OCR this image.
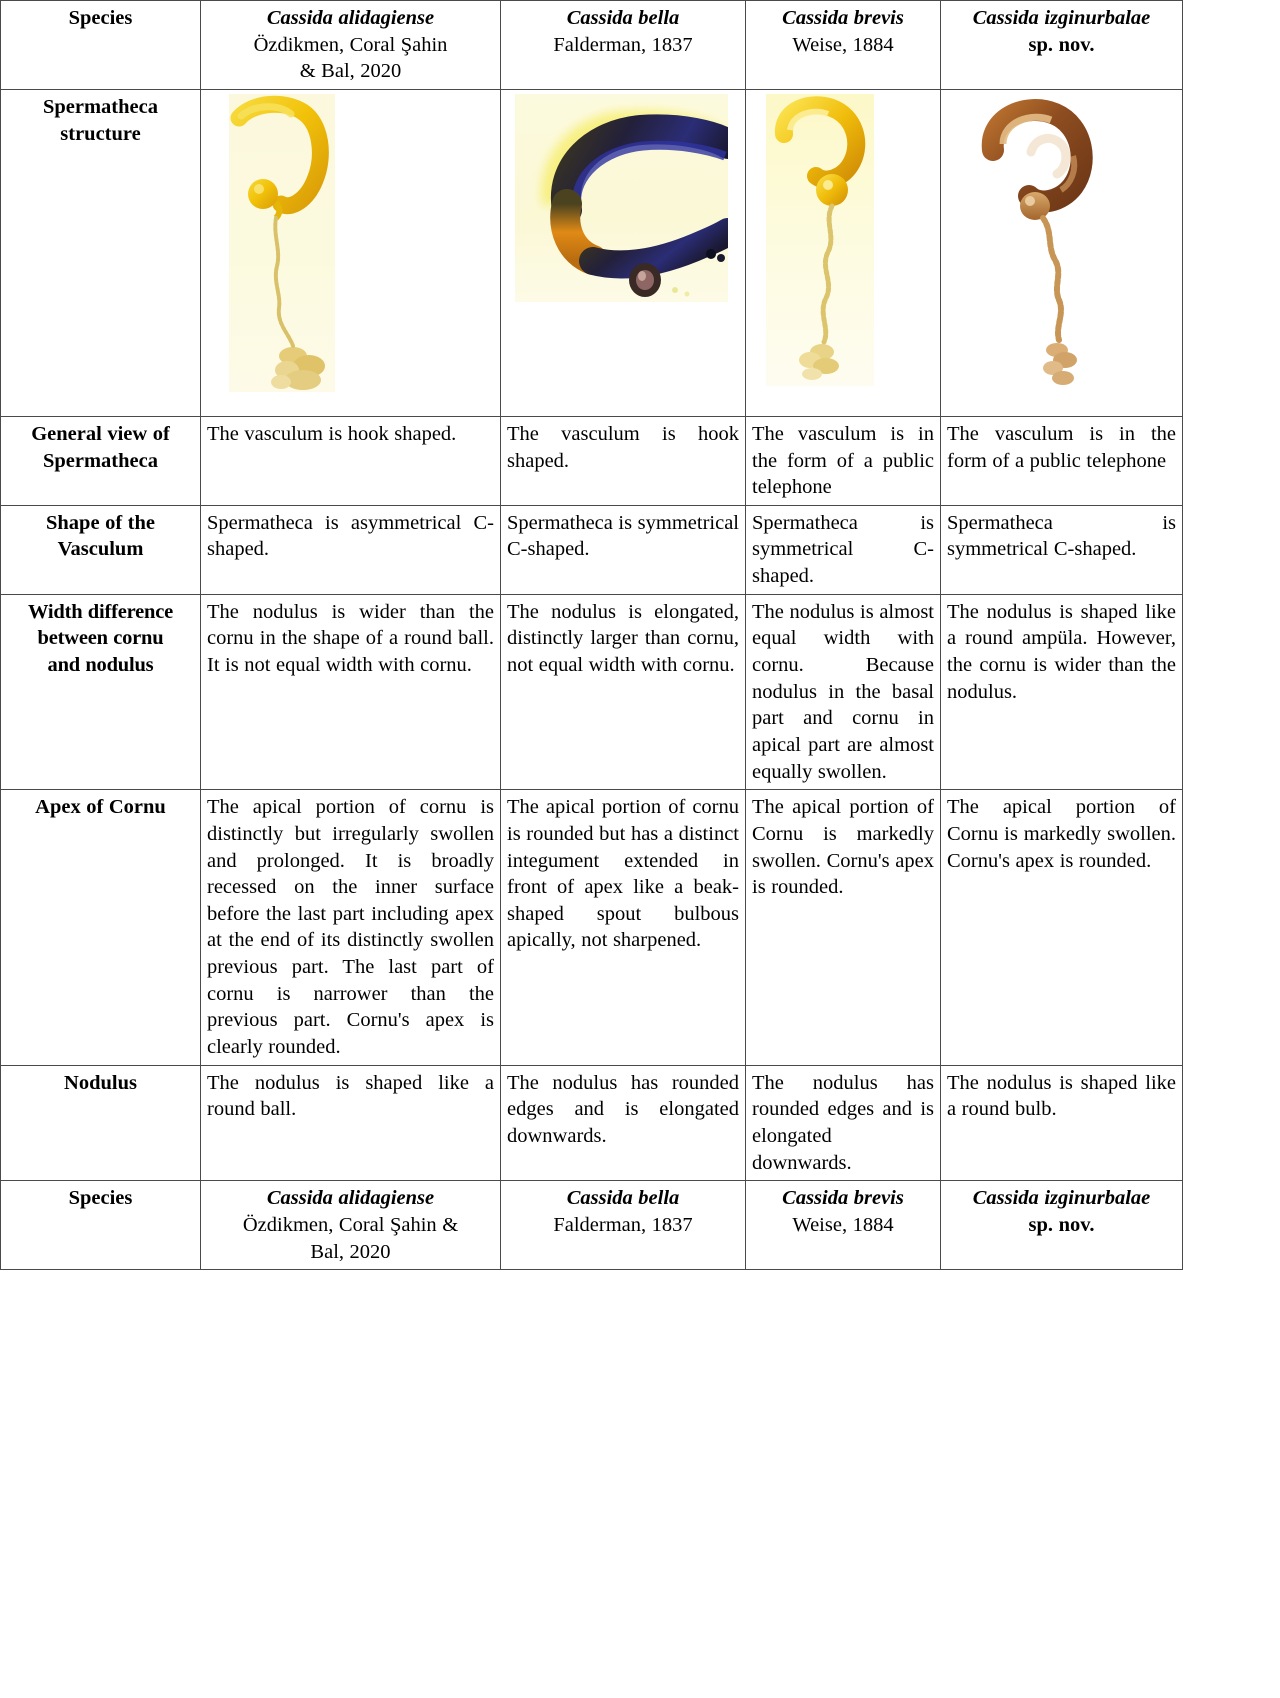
Species	Cassida alidagiense
Özdikmen, Coral Şahin
& Bal, 2020	Cassida bella
Falderman, 1837	Cassida brevis
Weise, 1884	Cassida izginurbalae
sp. nov.

Spermatheca
structure	

General view of
Spermatheca	The vasculum is hook shaped.	The vasculum is hook shaped.	The vasculum is in the form of a public telephone	The vasculum is in the form of a public telephone
Shape of the
Vasculum	Spermatheca is asymmetrical C-shaped.	Spermatheca is symmetrical C-shaped.	Spermatheca is symmetrical C-shaped.	Spermatheca is symmetrical C-shaped.
Width difference
between cornu
and nodulus	The nodulus is wider than the cornu in the shape of a round ball. It is not equal width with cornu.	The nodulus is elongated, distinctly larger than cornu, not equal width with cornu.	The nodulus is almost equal width with cornu. Because nodulus in the basal part and cornu in apical part are almost equally swollen.	The nodulus is shaped like a round ampüla. However, the cornu is wider than the nodulus.
Apex of Cornu	The apical portion of cornu is distinctly but irregularly swollen and prolonged. It is broadly recessed on the inner surface before the last part including apex at the end of its distinctly swollen previous part. The last part of cornu is narrower than the previous part. Cornu's apex is clearly rounded.	The apical portion of cornu is rounded but has a distinct integument extended in front of apex like a beak-shaped spout bulbous apically, not sharpened.	The apical portion of Cornu is markedly swollen. Cornu's apex is rounded.	The apical portion of Cornu is markedly swollen. Cornu's apex is rounded.
Nodulus	The nodulus is shaped like a round ball.	The nodulus has rounded edges and is elongated downwards.	The nodulus has rounded edges and is elongated downwards.	The nodulus is shaped like a round bulb.
Species	Cassida alidagiense
Özdikmen, Coral Şahin &
Bal, 2020	Cassida bella
Falderman, 1837	Cassida brevis
Weise, 1884	Cassida izginurbalae
sp. nov.
